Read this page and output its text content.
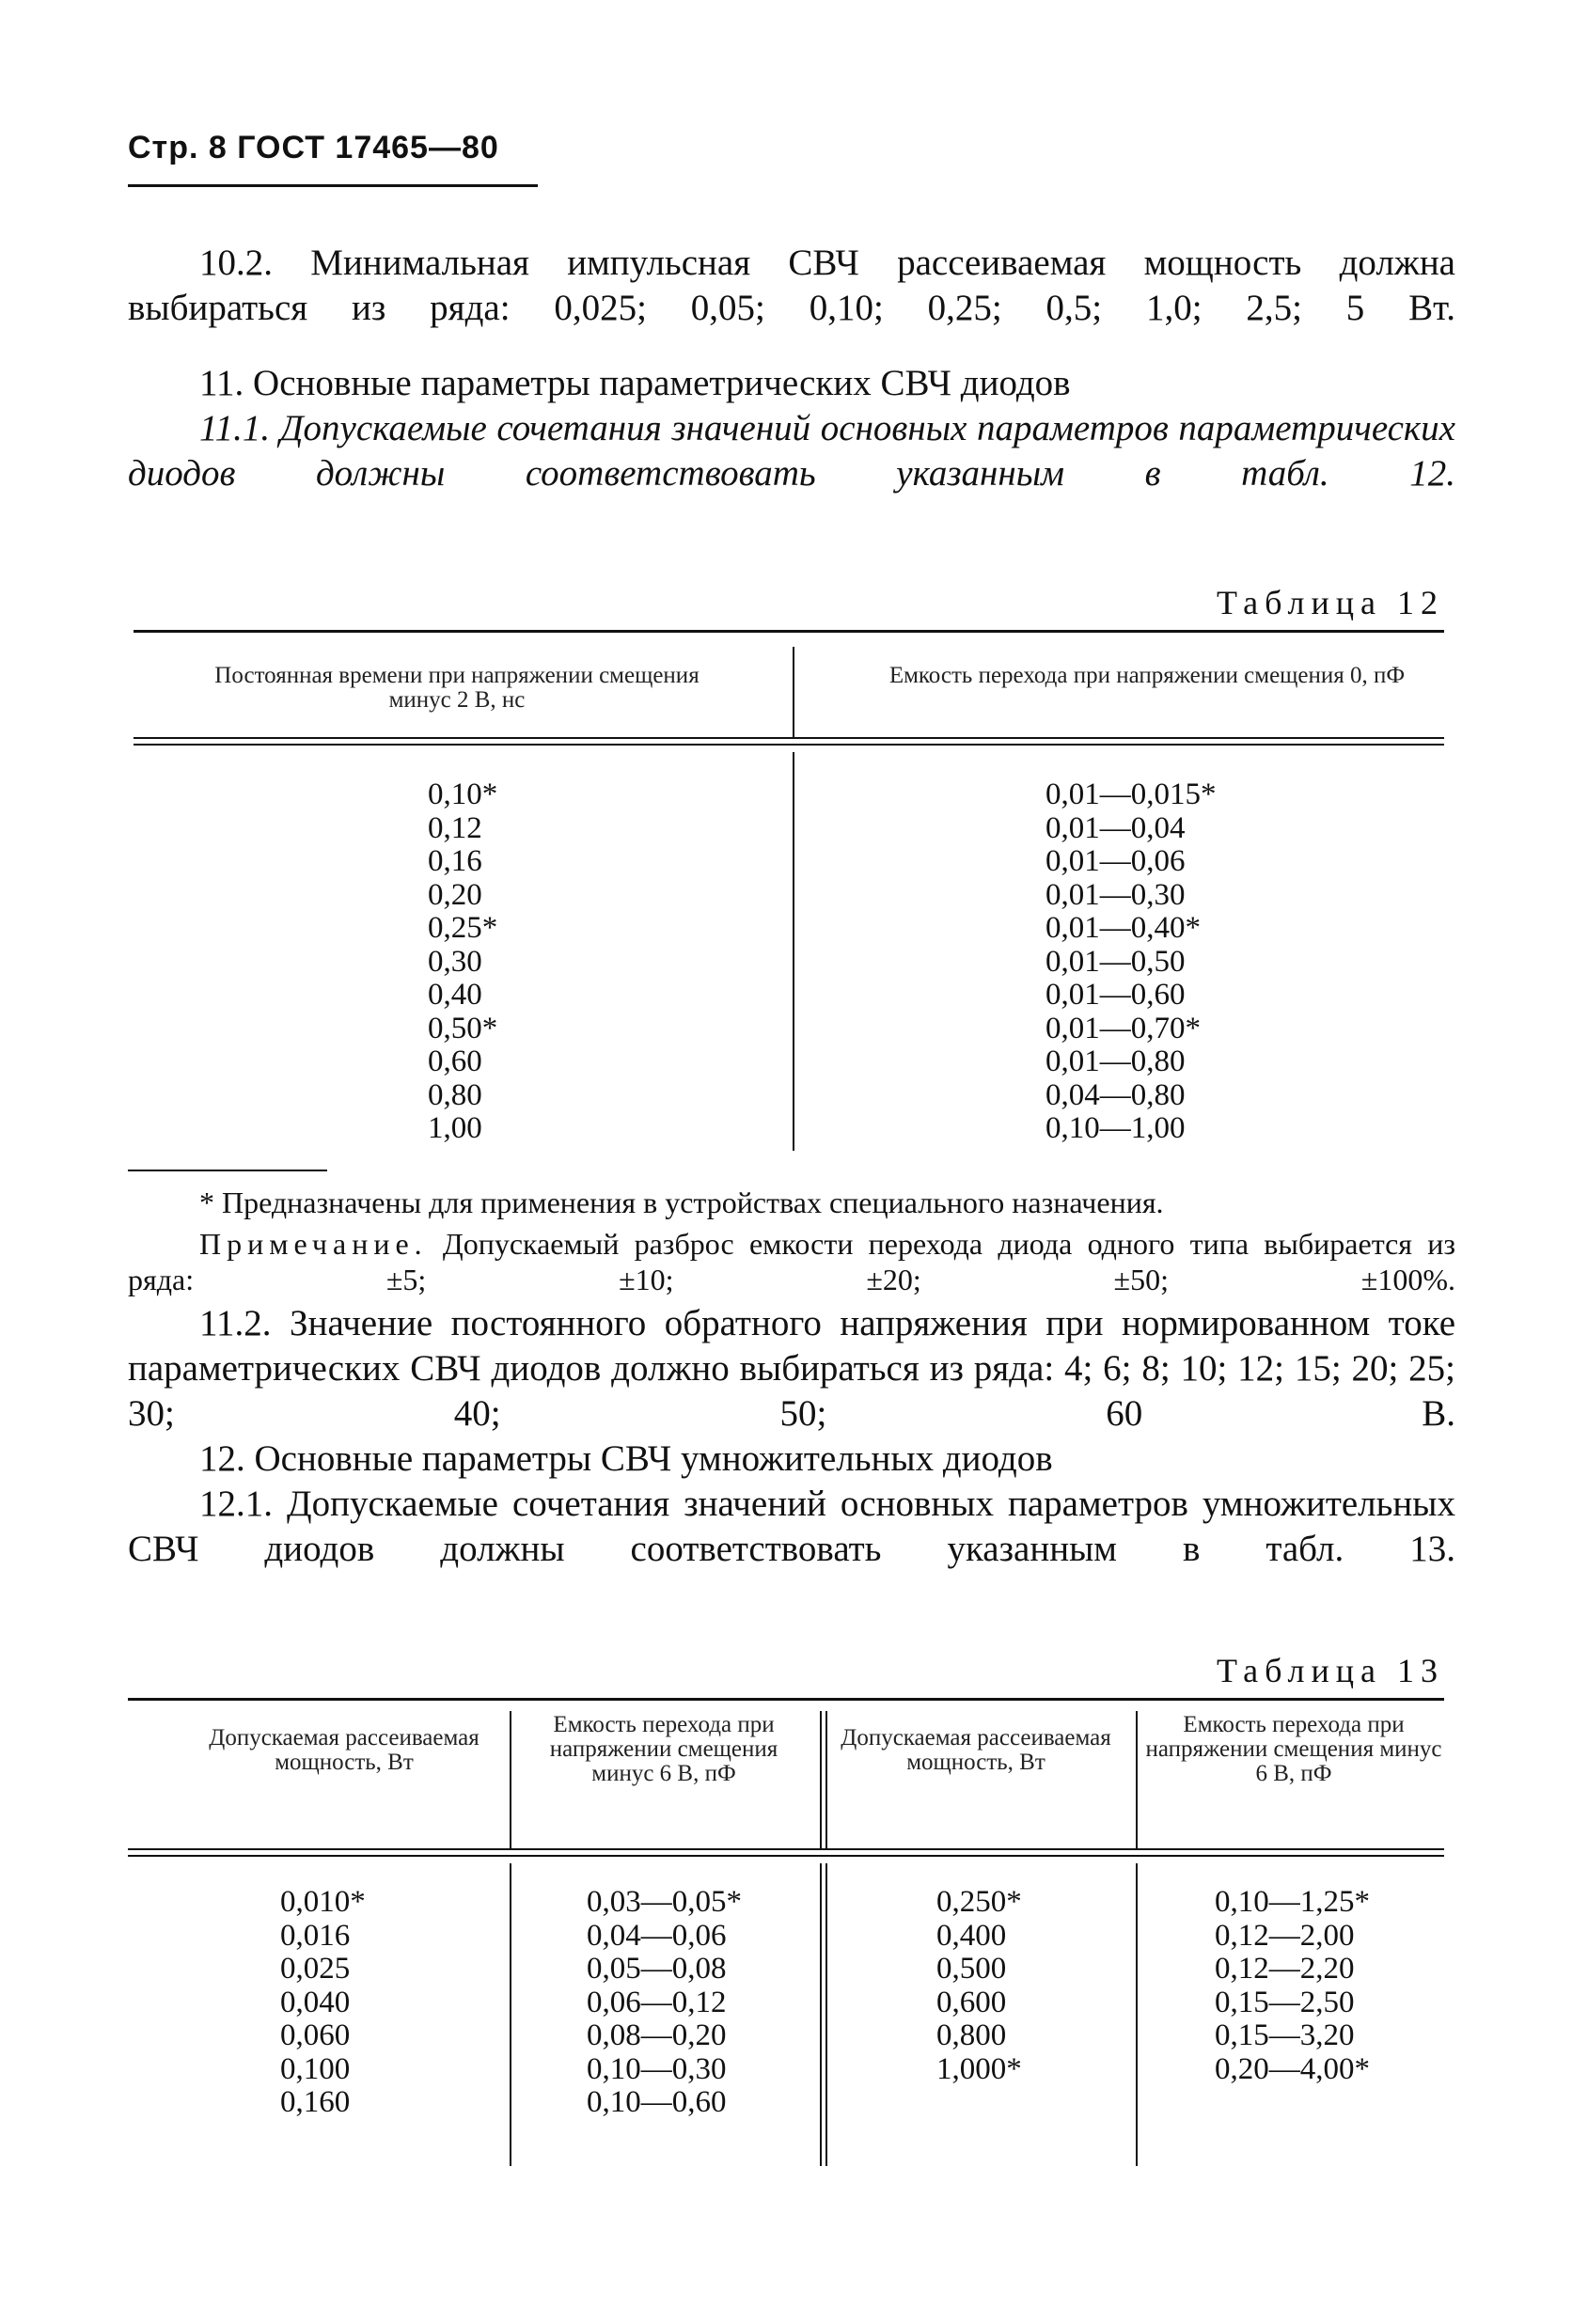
Стр. 8 ГОСТ 17465—80

10.2. Минимальная импульсная СВЧ рассеиваемая мощность должна выбираться из ряда: 0,025; 0,05; 0,10; 0,25; 0,5; 1,0; 2,5; 5 Вт.

11. Основные параметры параметрических СВЧ диодов

11.1. Допускаемые сочетания значений основных параметров параметрических диодов должны соответствовать указанным в табл. 12.

Таблица 12
Постоянная времени при напряжении смещения минус 2 В, нс
Емкость перехода при напряжении смещения 0, пФ
0,10*
0,12
0,16
0,20
0,25*
0,30
0,40
0,50*
0,60
0,80
1,00
0,01—0,015*
0,01—0,04
0,01—0,06
0,01—0,30
0,01—0,40*
0,01—0,50
0,01—0,60
0,01—0,70*
0,01—0,80
0,04—0,80
0,10—1,00

* Предназначены для применения в устройствах специального назначения.

Примечание. Допускаемый разброс емкости перехода диода одного типа выбирается из ряда: ±5; ±10; ±20; ±50; ±100%.

11.2. Значение постоянного обратного напряжения при нормированном токе параметрических СВЧ диодов должно выбираться из ряда: 4; 6; 8; 10; 12; 15; 20; 25; 30; 40; 50; 60 В.

12. Основные параметры СВЧ умножительных диодов

12.1. Допускаемые сочетания значений основных параметров умножительных СВЧ диодов должны соответствовать указанным в табл. 13.

Таблица 13
Допускаемая рассеиваемая мощность, Вт
Емкость перехода при напряжении смещения минус 6 В, пФ
Допускаемая рассеиваемая мощность, Вт
Емкость перехода при напряжении смещения минус 6 В, пФ
0,010*
0,016
0,025
0,040
0,060
0,100
0,160
0,03—0,05*
0,04—0,06
0,05—0,08
0,06—0,12
0,08—0,20
0,10—0,30
0,10—0,60
0,250*
0,400
0,500
0,600
0,800
1,000*
0,10—1,25*
0,12—2,00
0,12—2,20
0,15—2,50
0,15—3,20
0,20—4,00*
